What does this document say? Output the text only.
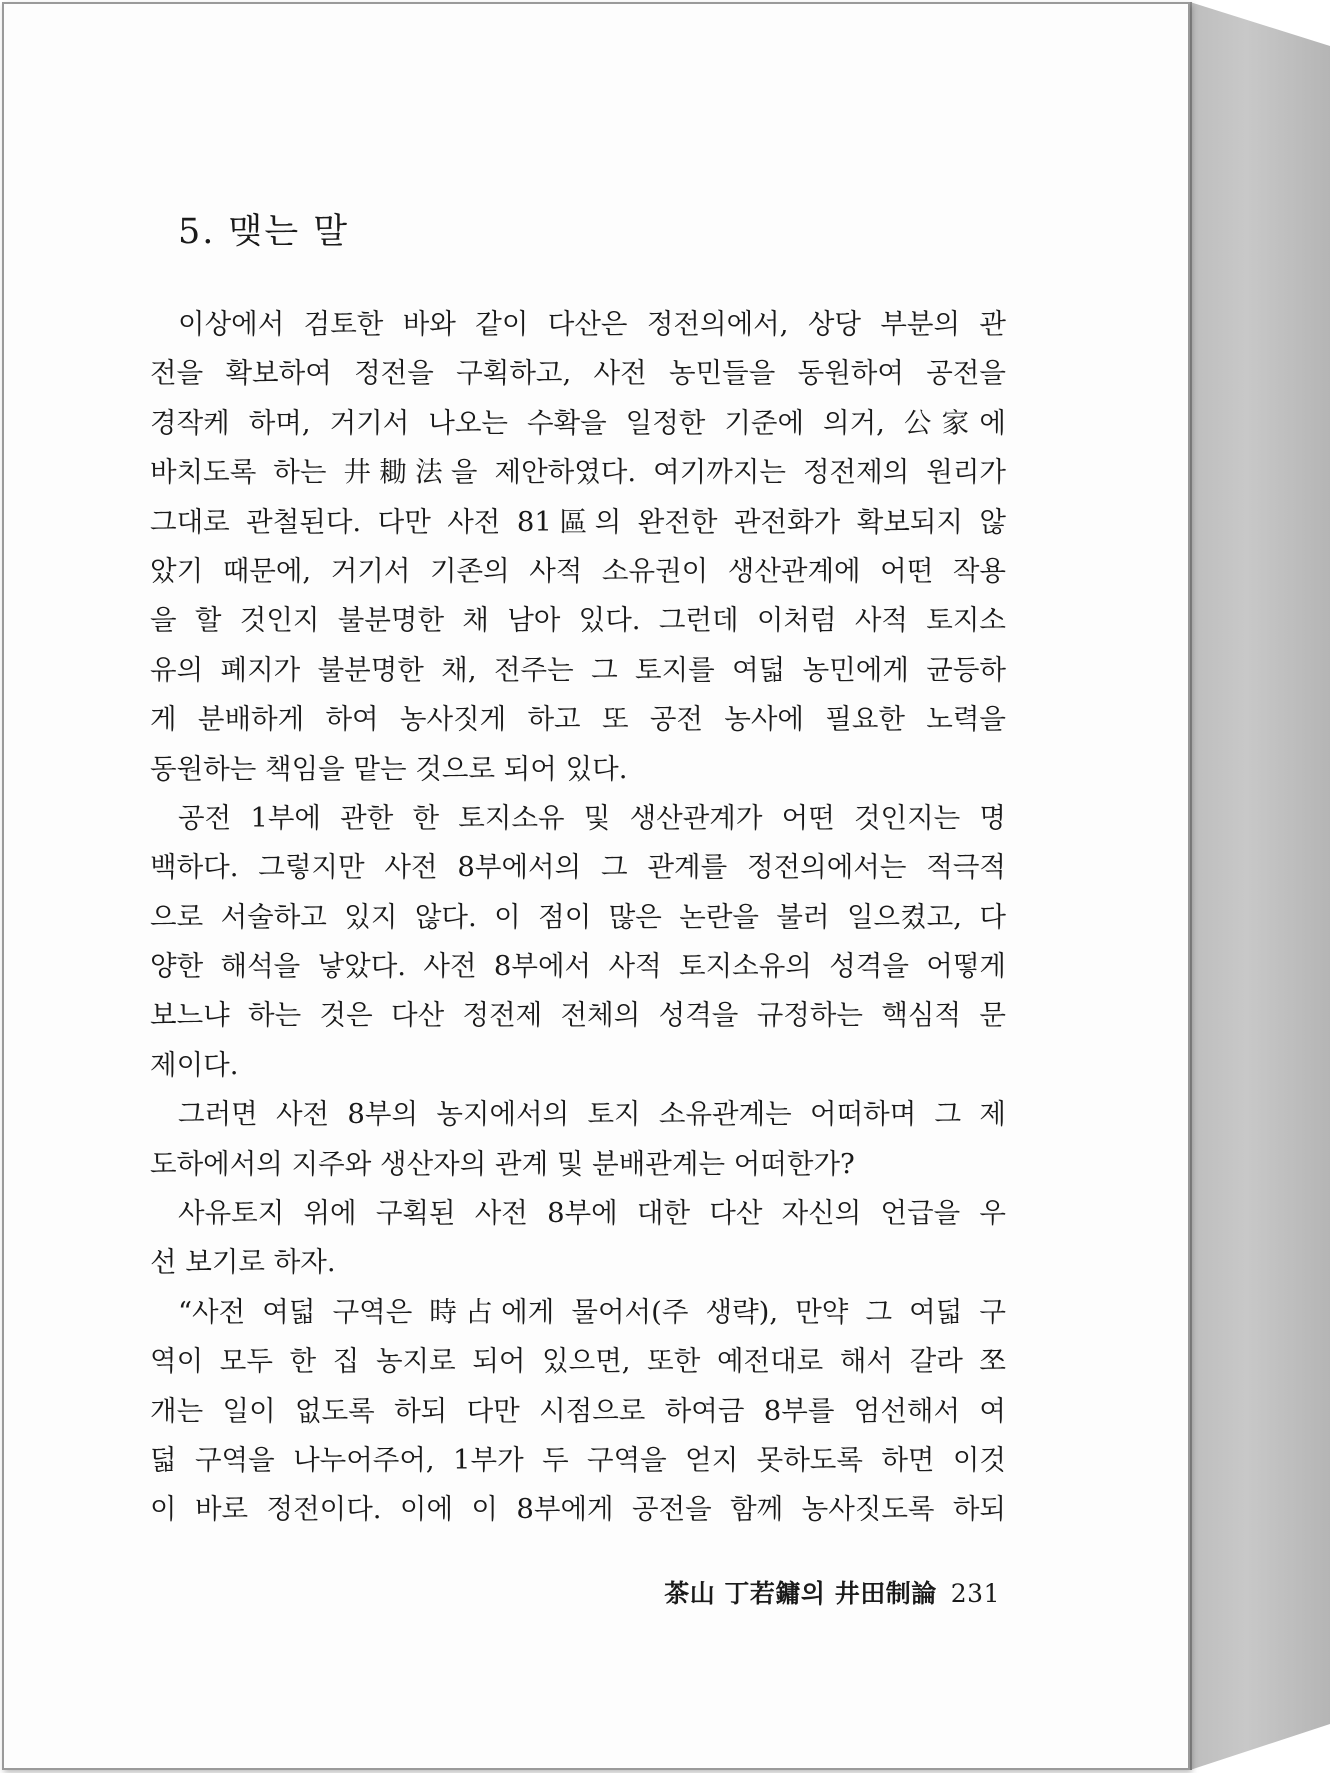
5. 맺는 말
이상에서 검토한 바와 같이 다산은 정전의에서, 상당 부분의 관
전을 확보하여 정전을 구획하고, 사전 농민들을 동원하여 공전을
경작케 하며, 거기서 나오는 수확을 일정한 기준에 의거, 公家에
바치도록 하는 井耡法을 제안하였다. 여기까지는 정전제의 원리가
그대로 관철된다. 다만 사전 81區의 완전한 관전화가 확보되지 않
았기 때문에, 거기서 기존의 사적 소유권이 생산관계에 어떤 작용
을 할 것인지 불분명한 채 남아 있다. 그런데 이처럼 사적 토지소
유의 폐지가 불분명한 채, 전주는 그 토지를 여덟 농민에게 균등하
게 분배하게 하여 농사짓게 하고 또 공전 농사에 필요한 노력을
동원하는 책임을 맡는 것으로 되어 있다.
공전 1부에 관한 한 토지소유 및 생산관계가 어떤 것인지는 명
백하다. 그렇지만 사전 8부에서의 그 관계를 정전의에서는 적극적
으로 서술하고 있지 않다. 이 점이 많은 논란을 불러 일으켰고, 다
양한 해석을 낳았다. 사전 8부에서 사적 토지소유의 성격을 어떻게
보느냐 하는 것은 다산 정전제 전체의 성격을 규정하는 핵심적 문
제이다.
그러면 사전 8부의 농지에서의 토지 소유관계는 어떠하며 그 제
도하에서의 지주와 생산자의 관계 및 분배관계는 어떠한가?
사유토지 위에 구획된 사전 8부에 대한 다산 자신의 언급을 우
선 보기로 하자.
“사전 여덟 구역은 時占에게 물어서(주 생략), 만약 그 여덟 구
역이 모두 한 집 농지로 되어 있으면, 또한 예전대로 해서 갈라 쪼
개는 일이 없도록 하되 다만 시점으로 하여금 8부를 엄선해서 여
덟 구역을 나누어주어, 1부가 두 구역을 얻지 못하도록 하면 이것
이 바로 정전이다. 이에 이 8부에게 공전을 함께 농사짓도록 하되
茶山 丁若鏞의 井田制論 231
